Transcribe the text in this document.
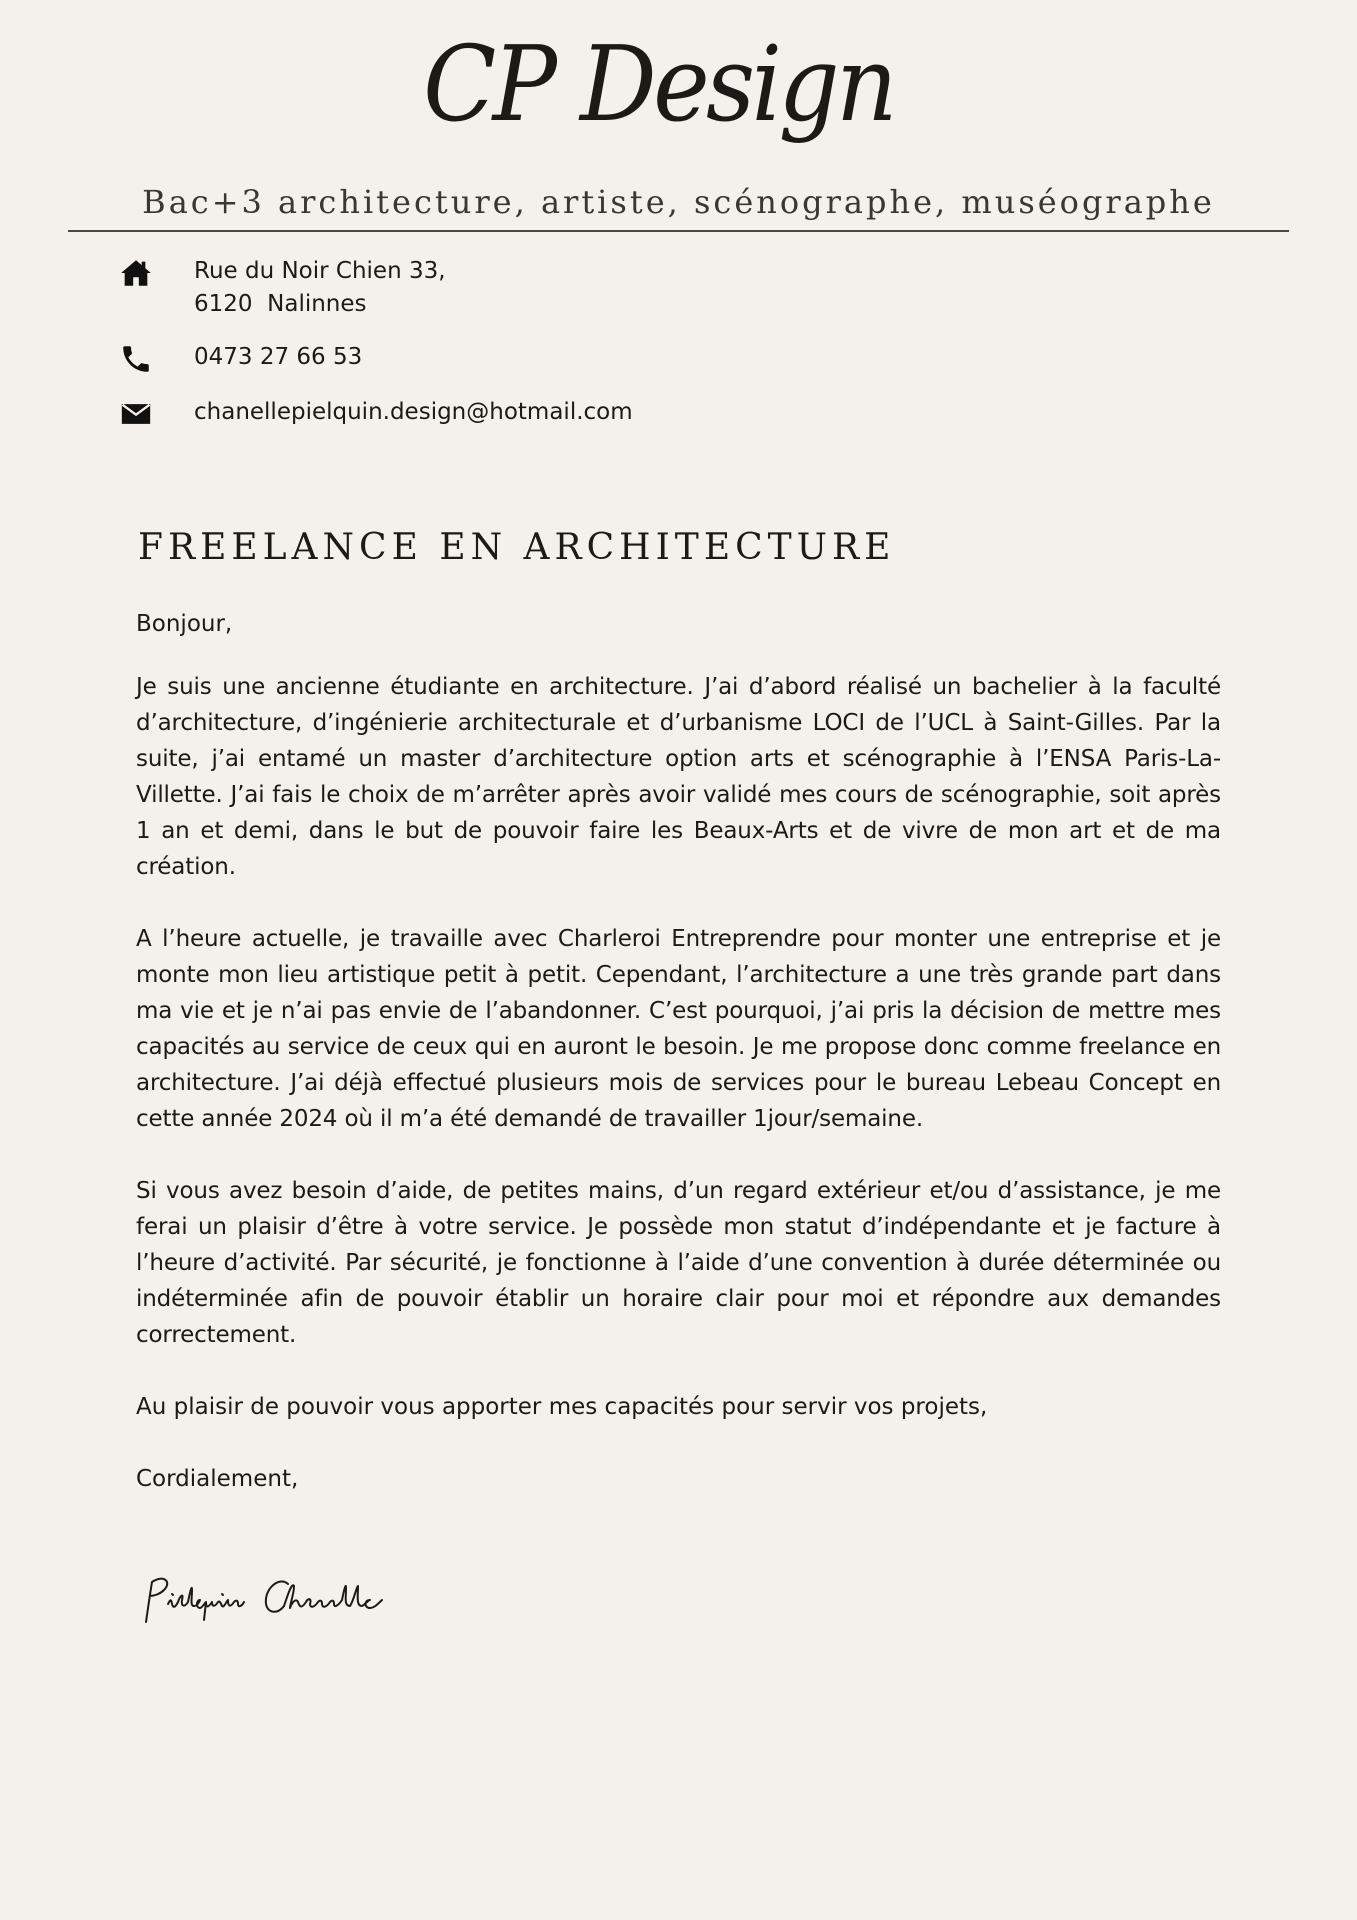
CP Design
Bac+3 architecture, artiste, scénographe, muséographe
Rue du Noir Chien 33,
6120  Nalinnes
0473 27 66 53
chanellepielquin.design@hotmail.com
FREELANCE EN ARCHITECTURE

Bonjour,

Je suis une ancienne étudiante en architecture. J’ai d’abord réalisé un bachelier à la faculté d’architecture, d’ingénierie architecturale et d’urbanisme LOCI de l’UCL à Saint-Gilles. Par la suite, j’ai entamé un master d’architecture option arts et scénographie à l’ENSA Paris-La-Villette. J’ai fais le choix de m’arrêter après avoir validé mes cours de scénographie, soit après 1 an et demi, dans le but de pouvoir faire les Beaux-Arts et de vivre de mon art et de ma création.

A l’heure actuelle, je travaille avec Charleroi Entreprendre pour monter une entreprise et je monte mon lieu artistique petit à petit. Cependant, l’architecture a une très grande part dans ma vie et je n’ai pas envie de l’abandonner. C’est pourquoi, j’ai pris la décision de mettre mes capacités au service de ceux qui en auront le besoin. Je me propose donc comme freelance en architecture. J’ai déjà effectué plusieurs mois de services pour le bureau Lebeau Concept en cette année 2024 où il m’a été demandé de travailler 1jour/semaine.

Si vous avez besoin d’aide, de petites mains, d’un regard extérieur et/ou d’assistance, je me ferai un plaisir d’être à votre service. Je possède mon statut d’indépendante et je facture à l’heure d’activité. Par sécurité, je fonctionne à l’aide d’une convention à durée déterminée ou indéterminée afin de pouvoir établir un horaire clair pour moi et répondre aux demandes correctement.

Au plaisir de pouvoir vous apporter mes capacités pour servir vos projets,

Cordialement,
